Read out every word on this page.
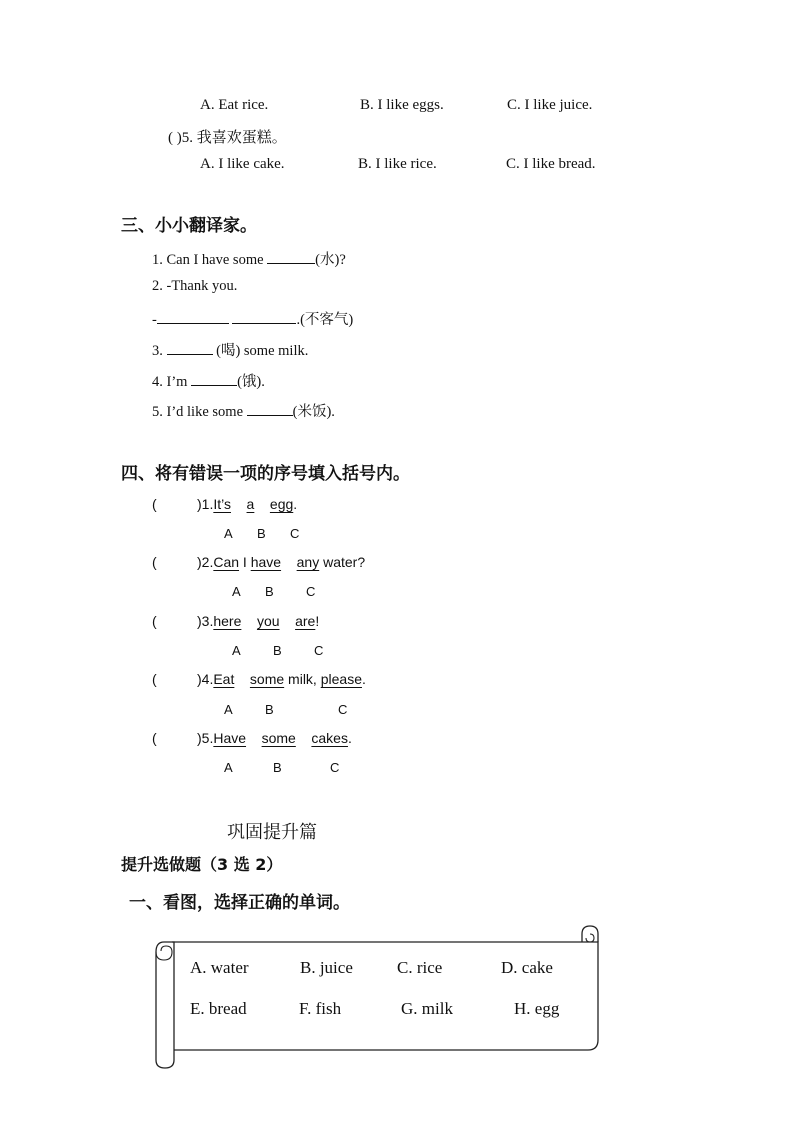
A. Eat rice.	B. I like eggs.	C. I like juice.
( )5. 我喜欢蛋糕。
A. I like cake.	B. I like rice.	C. I like bread.
三、小小翻译家。
1. Can I have some	(水)?
2. -Thank you.
-	.(不客气)
3.	(喝) some milk.
4. I’m	(饿).
5. I’d like some	(米饭).
四、将有错误一项的序号填入括号内。
(	)1.It’s a egg.
A B C
(	)2.Can I have any water?
A B C
(	)3.here you are!
A B C
(	)4.Eat some milk, please.
A B	C
(	)5.Have some cakes.
A	B	C
巩固提升篇
提升选做题（3 选 2）
一、看图，选择正确的单词。
A. water	B. juice	C. rice	D. cake
E. bread	F. fish	G. milk	H. egg
